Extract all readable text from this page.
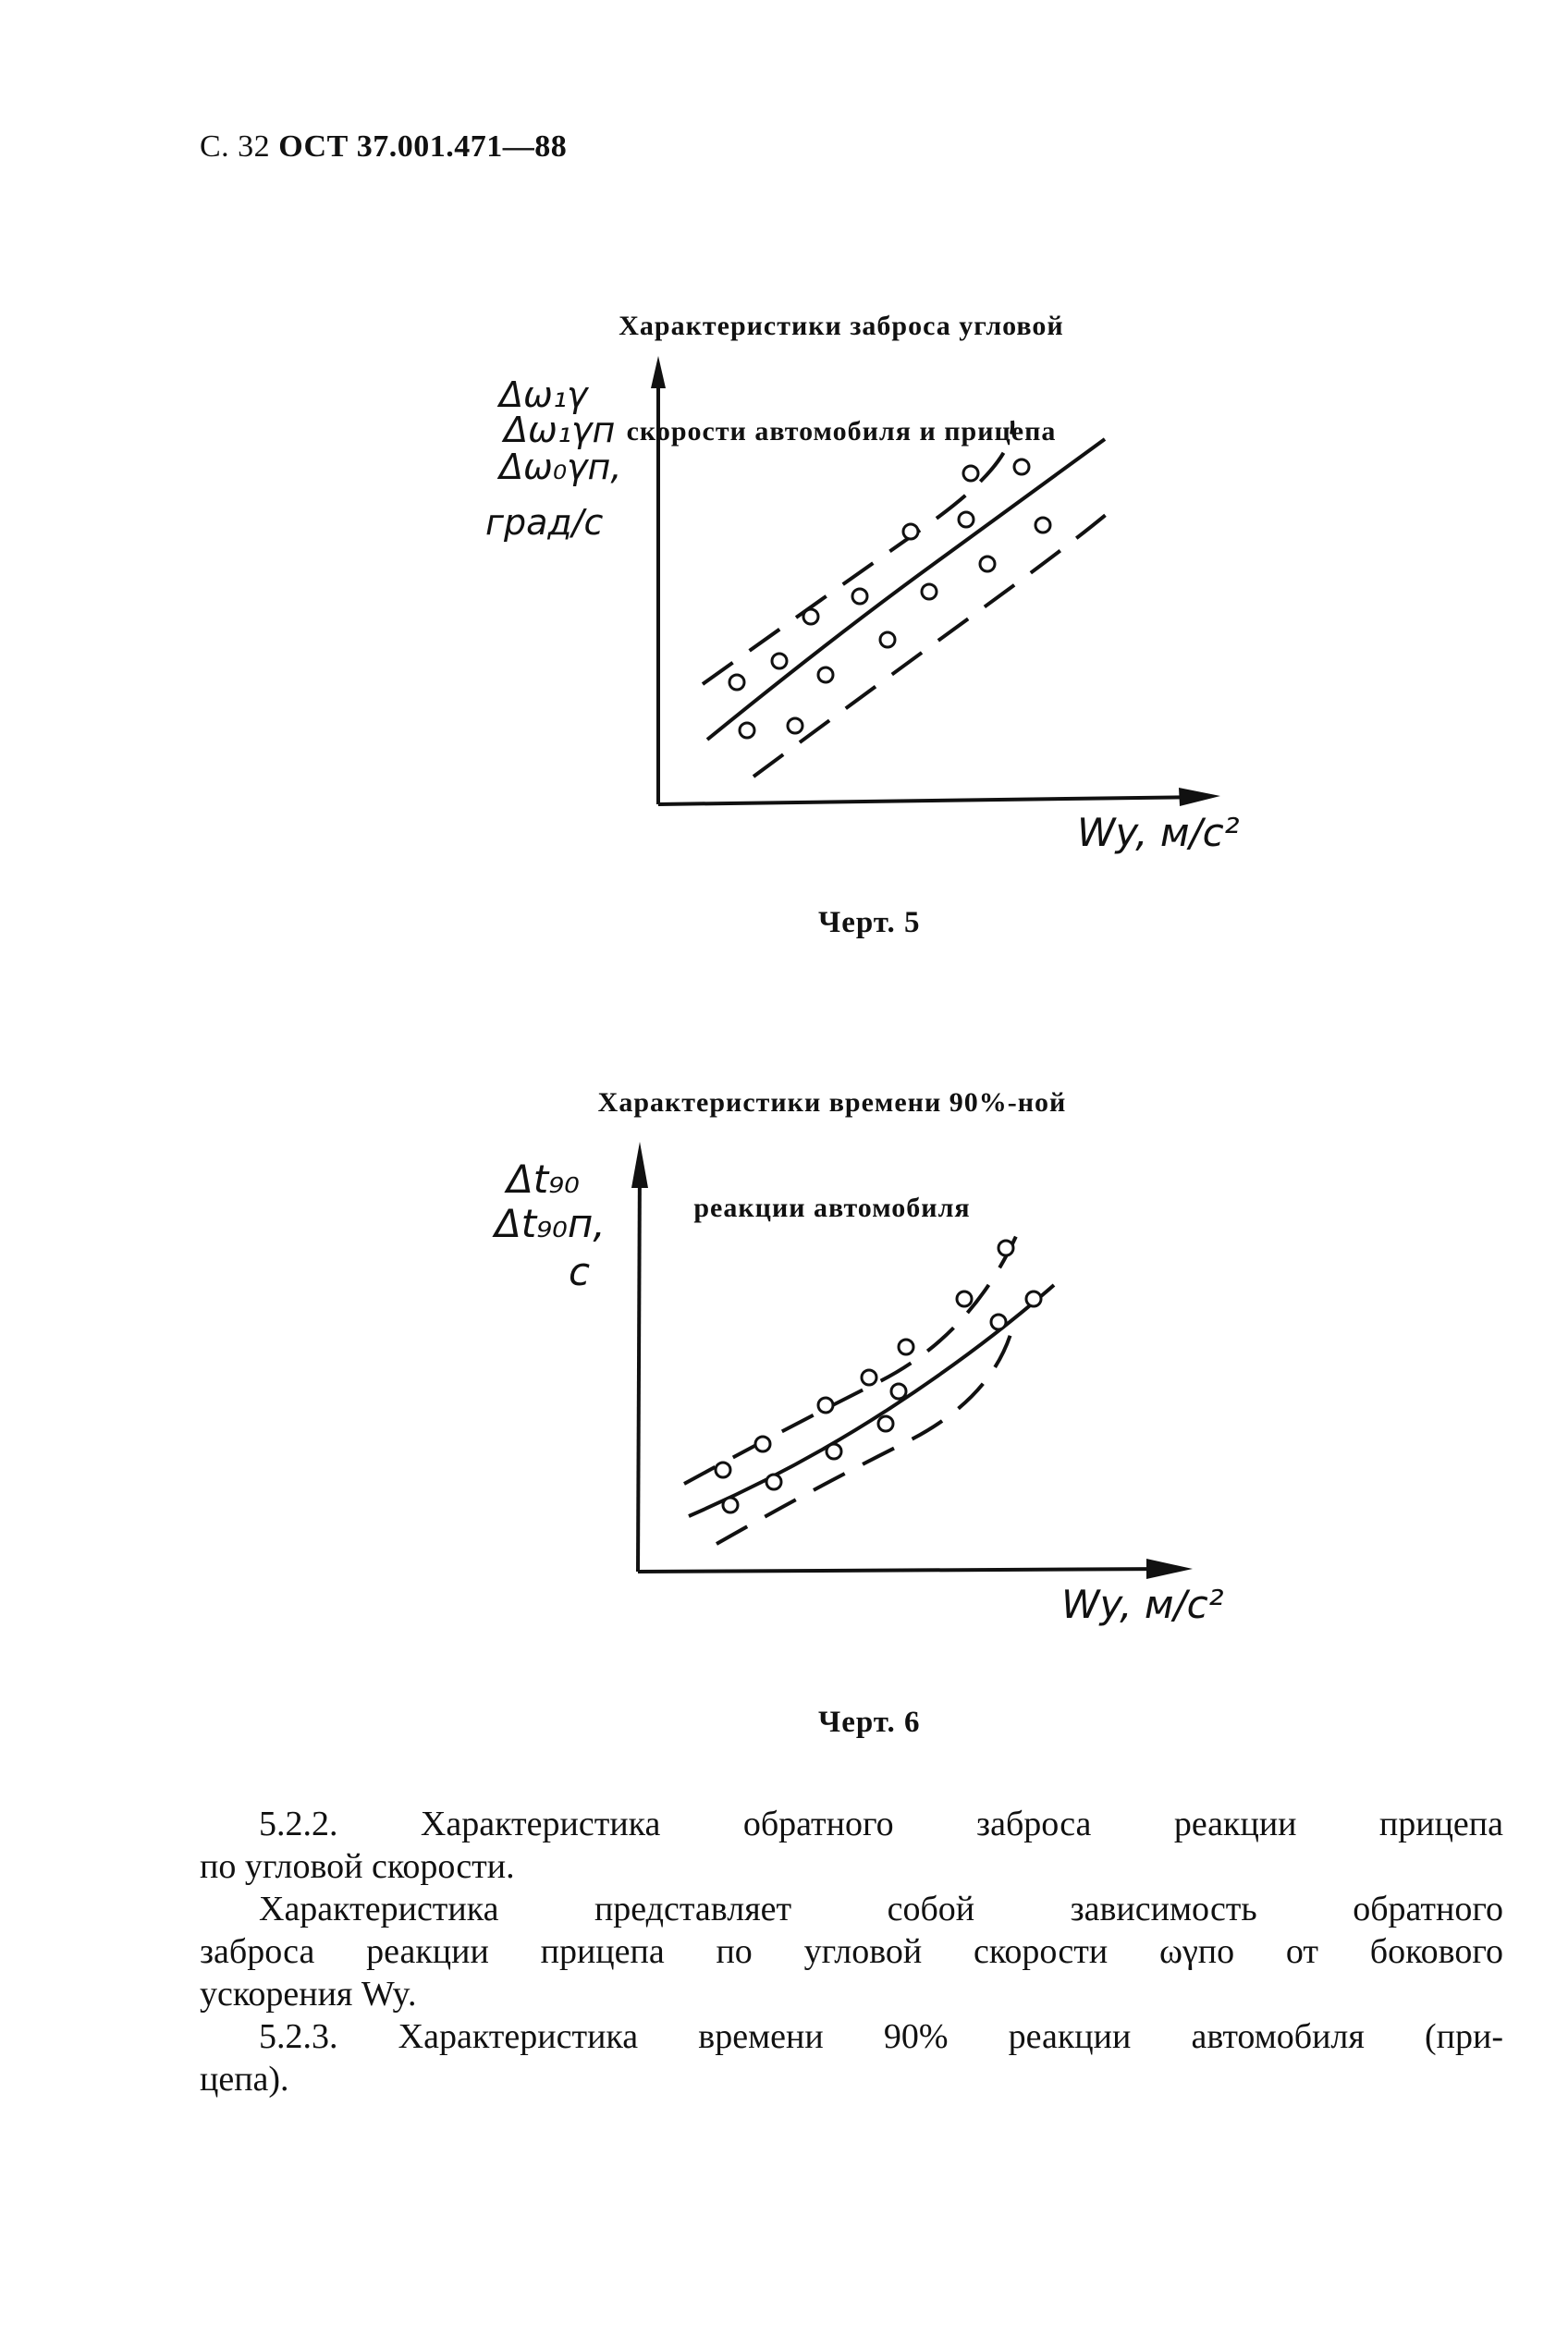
С. 32 ОСТ 37.001.471—88

Характеристики заброса угловой

скорости автомобиля и прицепа

Δω₁γ
Δω₁γп
Δω₀γп,
град/с
Wy, м/с²
Черт. 5

Характеристики времени 90%-ной

реакции автомобиля

Δt₉₀
Δt₉₀п,
с
Wy, м/с²
Черт. 6

5.2.2. Характеристика обратного заброса реакции прицепа

по угловой скорости.

Характеристика представляет собой зависимость обратного

заброса реакции прицепа по угловой скорости ωγпо от бокового

ускорения Wy.

5.2.3. Характеристика времени 90% реакции автомобиля (при-

цепа).
